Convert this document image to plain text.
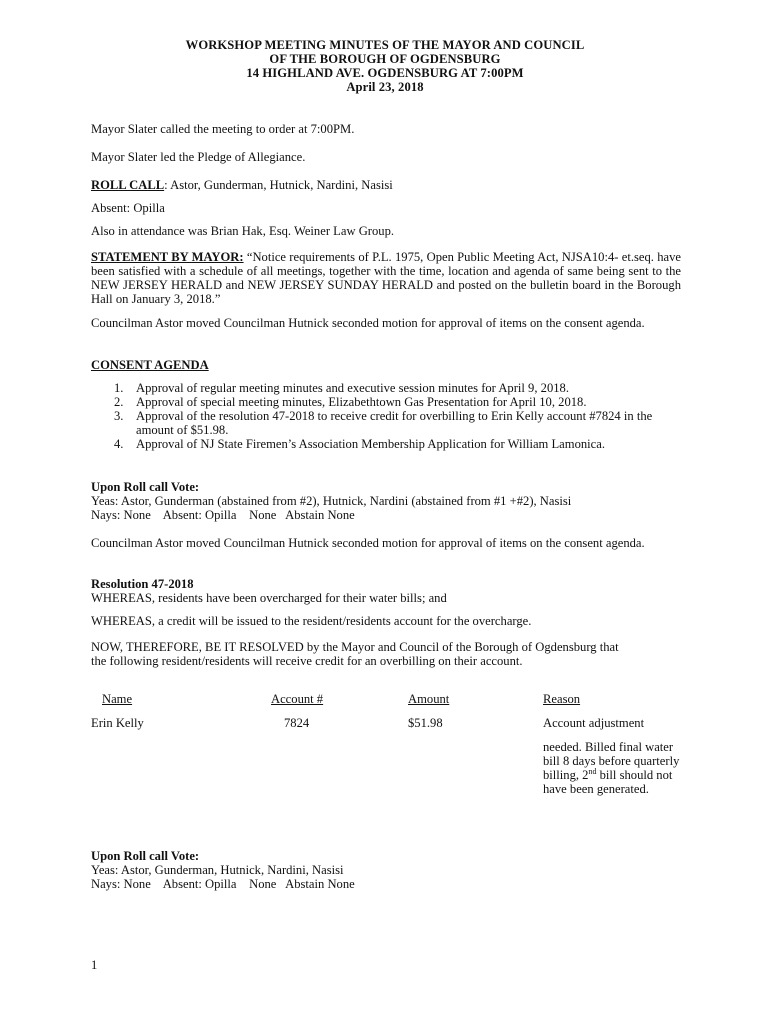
WORKSHOP MEETING MINUTES OF THE MAYOR AND COUNCIL
OF THE BOROUGH OF OGDENSBURG
14 HIGHLAND AVE. OGDENSBURG AT 7:00PM
April 23, 2018

Mayor Slater called the meeting to order at 7:00PM.

Mayor Slater led the Pledge of Allegiance.

ROLL CALL: Astor, Gunderman, Hutnick, Nardini, Nasisi

Absent: Opilla

Also in attendance was Brian Hak, Esq. Weiner Law Group.

STATEMENT BY MAYOR: “Notice requirements of P.L. 1975, Open Public Meeting Act, NJSA10:4- et.seq. have been satisfied with a schedule of all meetings, together with the time, location and agenda of same being sent to the NEW JERSEY HERALD and NEW JERSEY SUNDAY HERALD and posted on the bulletin board in the Borough Hall on January 3, 2018.”

Councilman Astor moved Councilman Hutnick seconded motion for approval of items on the consent agenda.

CONSENT AGENDA

1. Approval of regular meeting minutes and executive session minutes for April 9, 2018.
2. Approval of special meeting minutes, Elizabethtown Gas Presentation for April 10, 2018.
3. Approval of the resolution 47-2018 to receive credit for overbilling to Erin Kelly account #7824 in the amount of $51.98.
4. Approval of NJ State Firemen’s Association Membership Application for William Lamonica.

Upon Roll call Vote:

Yeas: Astor, Gunderman (abstained from #2), Hutnick, Nardini (abstained from #1 +#2), Nasisi

Nays: None    Absent: Opilla    None   Abstain None

Councilman Astor moved Councilman Hutnick seconded motion for approval of items on the consent agenda.

Resolution 47-2018

WHEREAS, residents have been overcharged for their water bills; and

WHEREAS, a credit will be issued to the resident/residents account for the overcharge.

NOW, THEREFORE, BE IT RESOLVED by the Mayor and Council of the Borough of Ogdensburg that the following resident/residents will receive credit for an overbilling on their account.

Name	Account #	Amount	Reason
Erin Kelly	7824	$51.98	Account adjustment
needed. Billed final water bill 8 days before quarterly billing, 2nd bill should not have been generated.

Upon Roll call Vote:

Yeas: Astor, Gunderman, Hutnick, Nardini, Nasisi

Nays: None    Absent: Opilla    None   Abstain None

1
